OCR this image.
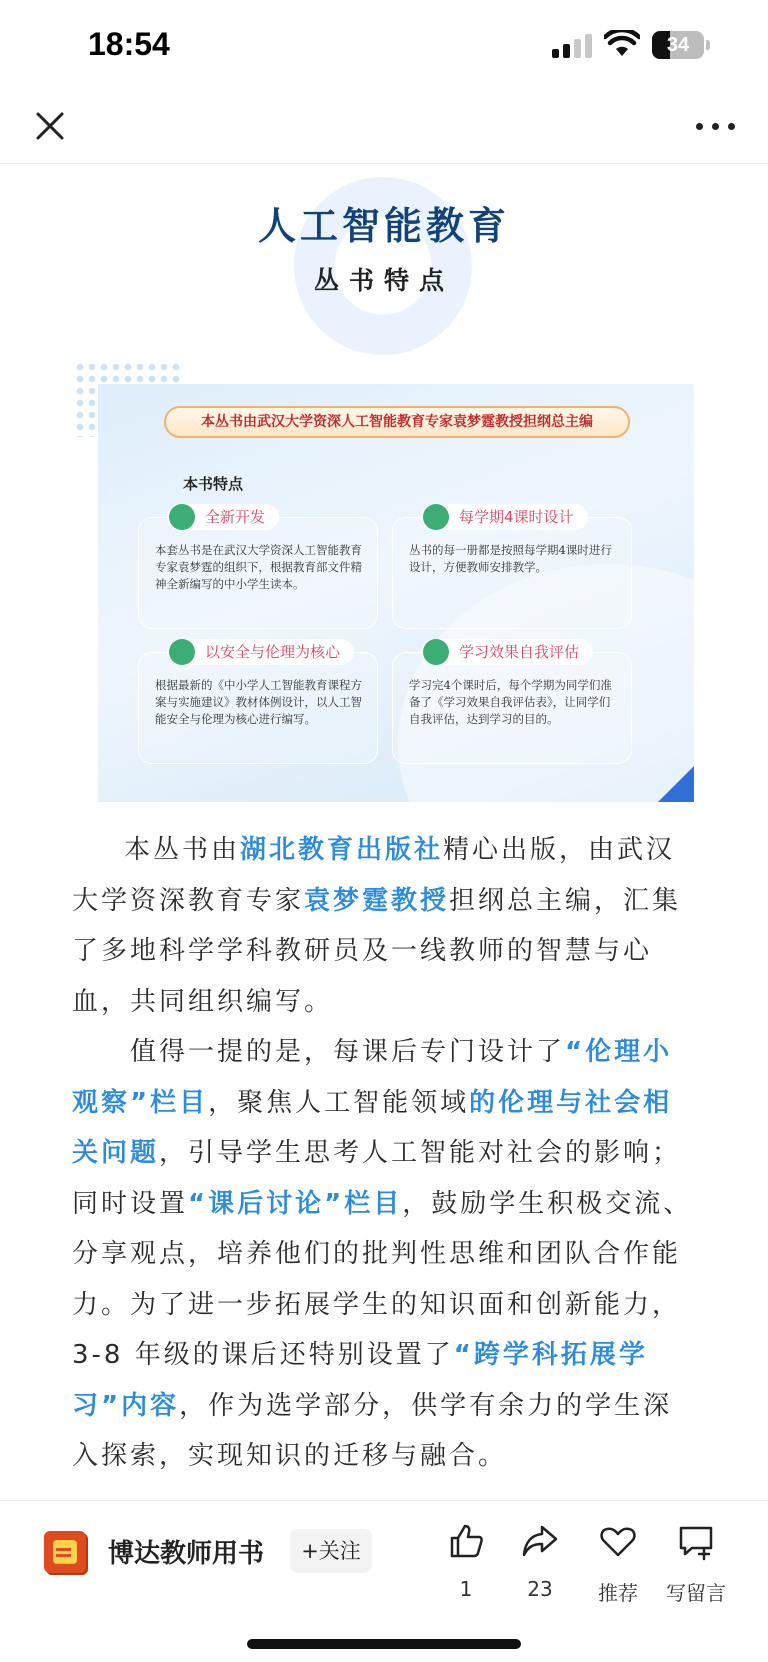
18:54	34
人工智能教育
丛书特点
本丛书由武汉大学资深人工智能教育专家袁梦霆教授担纲总主编
本书特点
全新开发
本套丛书是在武汉大学资深人工智能教育专家袁梦霆的组织下，根据教育部文件精神全新编写的中小学生读本。
每学期4课时设计
丛书的每一册都是按照每学期4课时进行设计，方便教师安排教学。
以安全与伦理为核心
根据最新的《中小学人工智能教育课程方案与实施建议》教材体例设计，以人工智能安全与伦理为核心进行编写。
学习效果自我评估
学习完4个课时后，每个学期为同学们准备了《学习效果自我评估表》，让同学们自我评估，达到学习的目的。

本丛书由湖北教育出版社精心出版，由武汉大学资深教育专家袁梦霆教授担纲总主编，汇集了多地科学学科教研员及一线教师的智慧与心血，共同组织编写。

值得一提的是，每课后专门设计了“伦理小观察”栏目，聚焦人工智能领域的伦理与社会相关问题，引导学生思考人工智能对社会的影响；同时设置“课后讨论”栏目，鼓励学生积极交流、分享观点，培养他们的批判性思维和团队合作能力。为了进一步拓展学生的知识面和创新能力，3-8 年级的课后还特别设置了“跨学科拓展学习”内容，作为选学部分，供学有余力的学生深入探索，实现知识的迁移与融合。

博达教师用书	+关注
1	23	推荐	写留言
